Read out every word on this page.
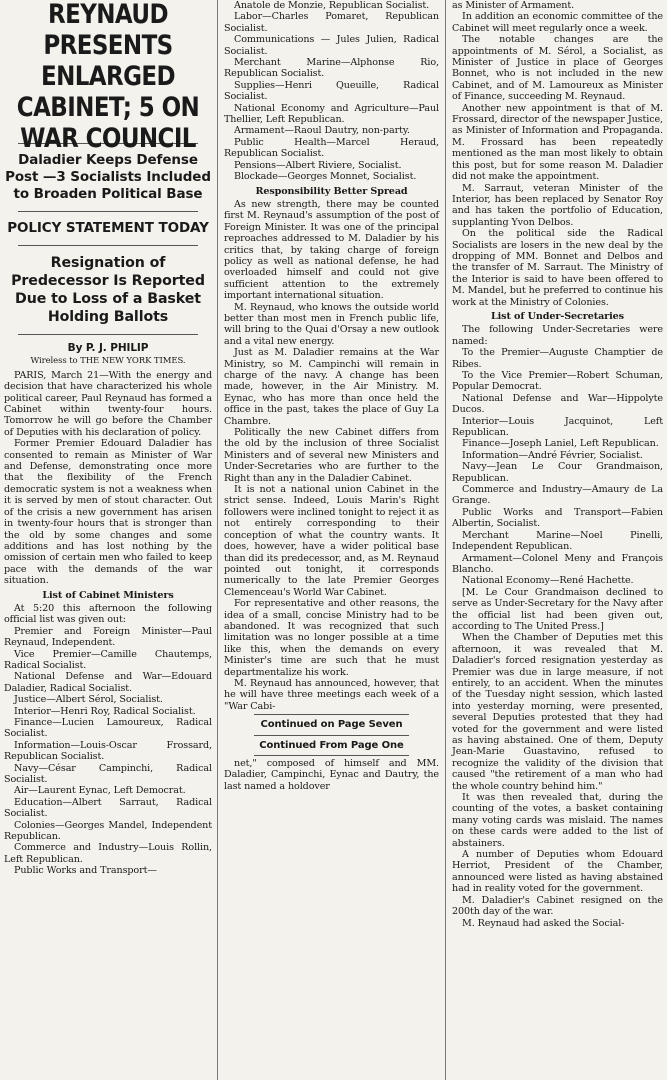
REYNAUD PRESENTS ENLARGED CABINET; 5 ON WAR COUNCIL
Daladier Keeps Defense Post —3 Socialists Included to Broaden Political Base
POLICY STATEMENT TODAY
Resignation of Predecessor Is Reported Due to Loss of a Basket Holding Ballots
By P. J. PHILIP
Wireless to THE NEW YORK TIMES.

PARIS, March 21—With the energy and decision that have characterized his whole political career, Paul Reynaud has formed a Cabinet within twenty-four hours. Tomorrow he will go before the Chamber of Deputies with his declaration of policy.

Former Premier Edouard Daladier has consented to remain as Minister of War and Defense, demonstrating once more that the flexibility of the French democratic system is not a weakness when it is served by men of stout character. Out of the crisis a new government has arisen in twenty-four hours that is stronger than the old by some changes and some additions and has lost nothing by the omission of certain men who failed to keep pace with the demands of the war situation.

List of Cabinet Ministers

At 5:20 this afternoon the following official list was given out:

Premier and Foreign Minister—Paul Reynaud, Independent.

Vice Premier—Camille Chautemps, Radical Socialist.

National Defense and War—Edouard Daladier, Radical Socialist.

Justice—Albert Sérol, Socialist.

Interior—Henri Roy, Radical Socialist.

Finance—Lucien Lamoureux, Radical Socialist.

Information—Louis-Oscar Frossard, Republican Socialist.

Navy—César Campinchi, Radical Socialist.

Air—Laurent Eynac, Left Democrat.

Education—Albert Sarraut, Radical Socialist.

Colonies—Georges Mandel, Independent Republican.

Commerce and Industry—Louis Rollin, Left Republican.

Public Works and Transport—

Anatole de Monzie, Republican Socialist.

Labor—Charles Pomaret, Republican Socialist.

Communications — Jules Julien, Radical Socialist.

Merchant Marine—Alphonse Rio, Republican Socialist.

Supplies—Henri Queuille, Radical Socialist.

National Economy and Agriculture—Paul Thellier, Left Republican.

Armament—Raoul Dautry, non-party.

Public Health—Marcel Heraud, Republican Socialist.

Pensions—Albert Riviere, Socialist.

Blockade—Georges Monnet, Socialist.

Responsibility Better Spread

As new strength, there may be counted first M. Reynaud's assumption of the post of Foreign Minister. It was one of the principal reproaches addressed to M. Daladier by his critics that, by taking charge of foreign policy as well as national defense, he had overloaded himself and could not give sufficient attention to the extremely important international situation.

M. Reynaud, who knows the outside world better than most men in French public life, will bring to the Quai d'Orsay a new outlook and a vital new energy.

Just as M. Daladier remains at the War Ministry, so M. Campinchi will remain in charge of the navy. A change has been made, however, in the Air Ministry. M. Eynac, who has more than once held the office in the past, takes the place of Guy La Chambre.

Politically the new Cabinet differs from the old by the inclusion of three Socialist Ministers and of several new Ministers and Under-Secretaries who are further to the Right than any in the Daladier Cabinet.

It is not a national union Cabinet in the strict sense. Indeed, Louis Marin's Right followers were inclined tonight to reject it as not entirely corresponding to their conception of what the country wants. It does, however, have a wider political base than did its predecessor, and, as M. Reynaud pointed out tonight, it corresponds numerically to the late Premier Georges Clemenceau's World War Cabinet.

For representative and other reasons, the idea of a small, concise Ministry had to be abandoned. It was recognized that such limitation was no longer possible at a time like this, when the demands on every Minister's time are such that he must departmentalize his work.

M. Reynaud has announced, however, that he will have three meetings each week of a "War Cabi-

Continued on Page Seven
Continued From Page One

net," composed of himself and MM. Daladier, Campinchi, Eynac and Dautry, the last named a holdover

as Minister of Armament.

In addition an economic committee of the Cabinet will meet regularly once a week.

The notable changes are the appointments of M. Sérol, a Socialist, as Minister of Justice in place of Georges Bonnet, who is not included in the new Cabinet, and of M. Lamoureux as Minister of Finance, succeeding M. Reynaud.

Another new appointment is that of M. Frossard, director of the newspaper Justice, as Minister of Information and Propaganda. M. Frossard has been repeatedly mentioned as the man most likely to obtain this post, but for some reason M. Daladier did not make the appointment.

M. Sarraut, veteran Minister of the Interior, has been replaced by Senator Roy and has taken the portfolio of Education, supplanting Yvon Delbos.

On the political side the Radical Socialists are losers in the new deal by the dropping of MM. Bonnet and Delbos and the transfer of M. Sarraut. The Ministry of the Interior is said to have been offered to M. Mandel, but he preferred to continue his work at the Ministry of Colonies.

List of Under-Secretaries

The following Under-Secretaries were named:

To the Premier—Auguste Champtier de Ribes.

To the Vice Premier—Robert Schuman, Popular Democrat.

National Defense and War—Hippolyte Ducos.

Interior—Louis Jacquinot, Left Republican.

Finance—Joseph Laniel, Left Republican.

Information—André Février, Socialist.

Navy—Jean Le Cour Grandmaison, Republican.

Commerce and Industry—Amaury de La Grange.

Public Works and Transport—Fabien Albertin, Socialist.

Merchant Marine—Noel Pinelli, Independent Republican.

Armament—Colonel Meny and François Blancho.

National Economy—René Hachette.

[M. Le Cour Grandmaison declined to serve as Under-Secretary for the Navy after the official list had been given out, according to The United Press.]

When the Chamber of Deputies met this afternoon, it was revealed that M. Daladier's forced resignation yesterday as Premier was due in large measure, if not entirely, to an accident. When the minutes of the Tuesday night session, which lasted into yesterday morning, were presented, several Deputies protested that they had voted for the government and were listed as having abstained. One of them, Deputy Jean-Marie Guastavino, refused to recognize the validity of the division that caused "the retirement of a man who had the whole country behind him."

It was then revealed that, during the counting of the votes, a basket containing many voting cards was mislaid. The names on these cards were added to the list of abstainers.

A number of Deputies whom Edouard Herriot, President of the Chamber, announced were listed as having abstained had in reality voted for the government.

M. Daladier's Cabinet resigned on the 200th day of the war.

M. Reynaud had asked the Social-
